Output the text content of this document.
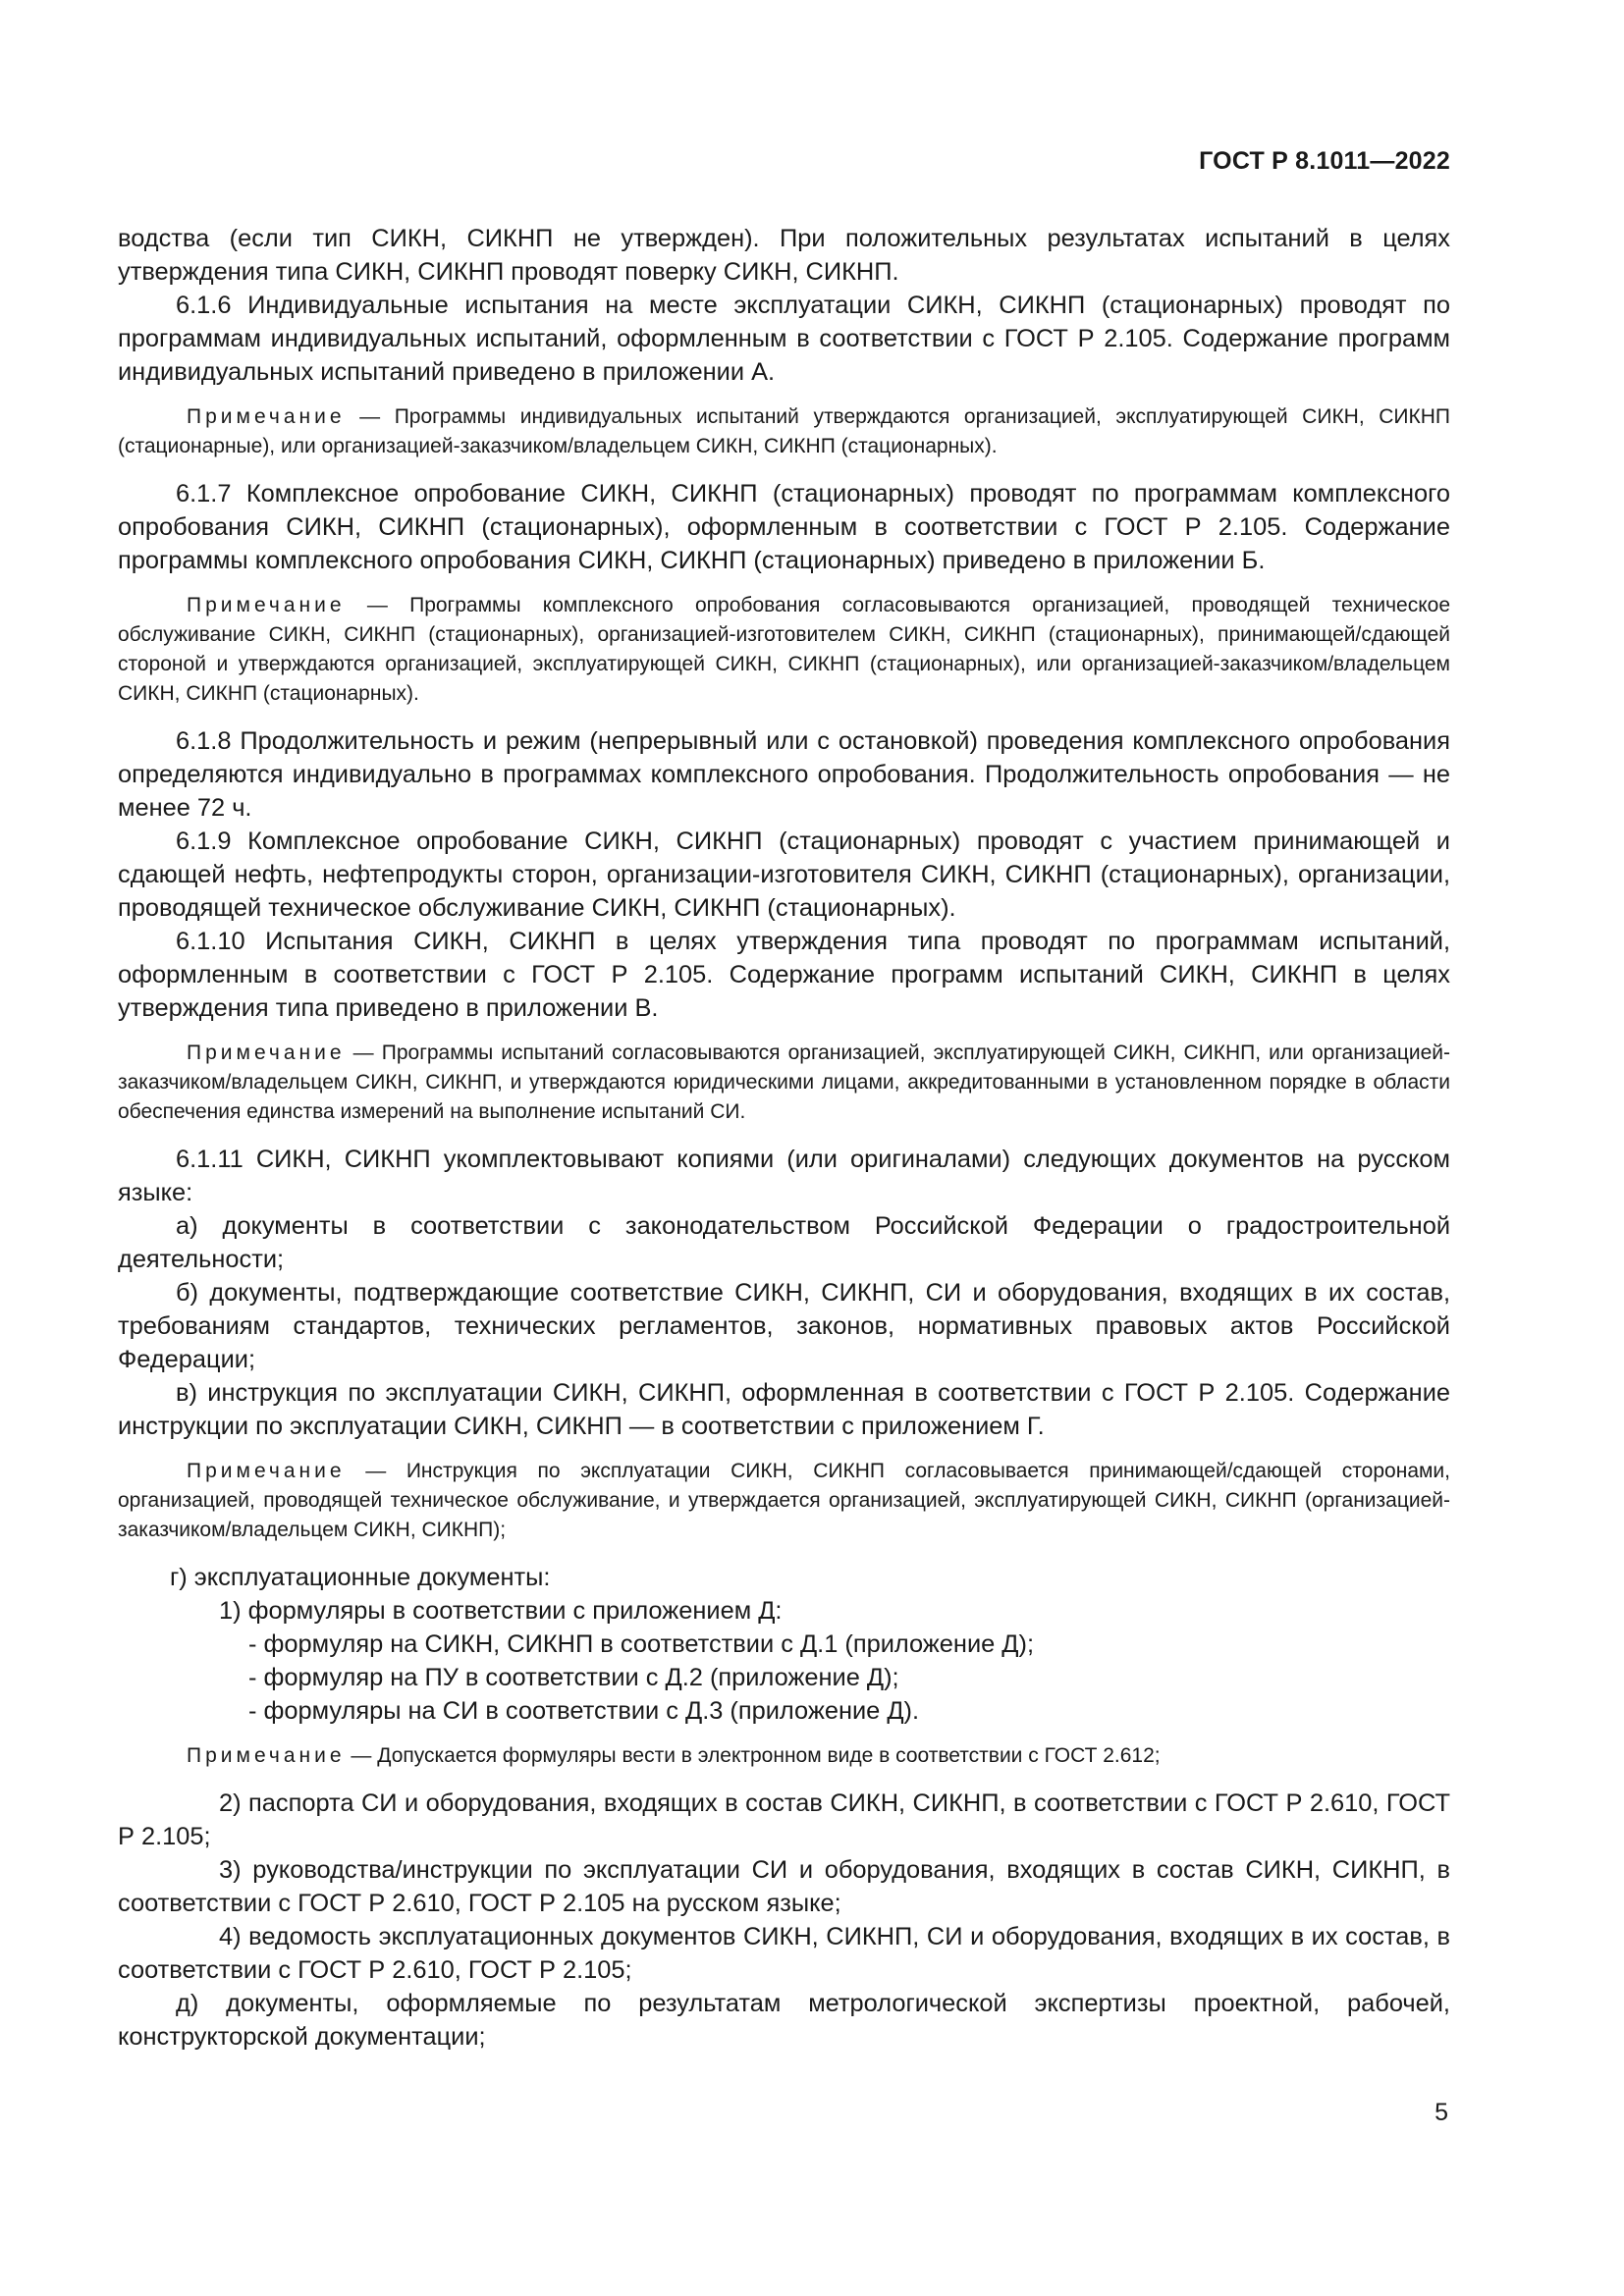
ГОСТ Р 8.1011—2022

водства (если тип СИКН, СИКНП не утвержден). При положительных результатах испытаний в целях утверждения типа СИКН, СИКНП проводят поверку СИКН, СИКНП.

6.1.6 Индивидуальные испытания на месте эксплуатации СИКН, СИКНП (стационарных) проводят по программам индивидуальных испытаний, оформленным в соответствии с ГОСТ Р 2.105. Содержание программ индивидуальных испытаний приведено в приложении А.

Примечание — Программы индивидуальных испытаний утверждаются организацией, эксплуатирующей СИКН, СИКНП (стационарные), или организацией-заказчиком/владельцем СИКН, СИКНП (стационарных).

6.1.7 Комплексное опробование СИКН, СИКНП (стационарных) проводят по программам комплексного опробования СИКН, СИКНП (стационарных), оформленным в соответствии с ГОСТ Р 2.105. Содержание программы комплексного опробования СИКН, СИКНП (стационарных) приведено в приложении Б.

Примечание — Программы комплексного опробования согласовываются организацией, проводящей техническое обслуживание СИКН, СИКНП (стационарных), организацией-изготовителем СИКН, СИКНП (стационарных), принимающей/сдающей стороной и утверждаются организацией, эксплуатирующей СИКН, СИКНП (стационарных), или организацией-заказчиком/владельцем СИКН, СИКНП (стационарных).

6.1.8 Продолжительность и режим (непрерывный или с остановкой) проведения комплексного опробования определяются индивидуально в программах комплексного опробования. Продолжительность опробования — не менее 72 ч.

6.1.9 Комплексное опробование СИКН, СИКНП (стационарных) проводят с участием принимающей и сдающей нефть, нефтепродукты сторон, организации-изготовителя СИКН, СИКНП (стационарных), организации, проводящей техническое обслуживание СИКН, СИКНП (стационарных).

6.1.10 Испытания СИКН, СИКНП в целях утверждения типа проводят по программам испытаний, оформленным в соответствии с ГОСТ Р 2.105. Содержание программ испытаний СИКН, СИКНП в целях утверждения типа приведено в приложении В.

Примечание — Программы испытаний согласовываются организацией, эксплуатирующей СИКН, СИКНП, или организацией-заказчиком/владельцем СИКН, СИКНП, и утверждаются юридическими лицами, аккредитованными в установленном порядке в области обеспечения единства измерений на выполнение испытаний СИ.

6.1.11 СИКН, СИКНП укомплектовывают копиями (или оригиналами) следующих документов на русском языке:

а) документы в соответствии с законодательством Российской Федерации о градостроительной деятельности;

б) документы, подтверждающие соответствие СИКН, СИКНП, СИ и оборудования, входящих в их состав, требованиям стандартов, технических регламентов, законов, нормативных правовых актов Российской Федерации;

в) инструкция по эксплуатации СИКН, СИКНП, оформленная в соответствии с ГОСТ Р 2.105. Содержание инструкции по эксплуатации СИКН, СИКНП — в соответствии с приложением Г.

Примечание — Инструкция по эксплуатации СИКН, СИКНП согласовывается принимающей/сдающей сторонами, организацией, проводящей техническое обслуживание, и утверждается организацией, эксплуатирующей СИКН, СИКНП (организацией-заказчиком/владельцем СИКН, СИКНП);

г) эксплуатационные документы:

1) формуляры в соответствии с приложением Д:

- формуляр на СИКН, СИКНП в соответствии с Д.1 (приложение Д);

- формуляр на ПУ в соответствии с Д.2 (приложение Д);

- формуляры на СИ в соответствии с Д.3 (приложение Д).

Примечание — Допускается формуляры вести в электронном виде в соответствии с ГОСТ 2.612;

2) паспорта СИ и оборудования, входящих в состав СИКН, СИКНП, в соответствии с ГОСТ Р 2.610, ГОСТ Р 2.105;

3) руководства/инструкции по эксплуатации СИ и оборудования, входящих в состав СИКН, СИКНП, в соответствии с ГОСТ Р 2.610, ГОСТ Р 2.105 на русском языке;

4) ведомость эксплуатационных документов СИКН, СИКНП, СИ и оборудования, входящих в их состав, в соответствии с ГОСТ Р 2.610, ГОСТ Р 2.105;

д) документы, оформляемые по результатам метрологической экспертизы проектной, рабочей, конструкторской документации;

5
